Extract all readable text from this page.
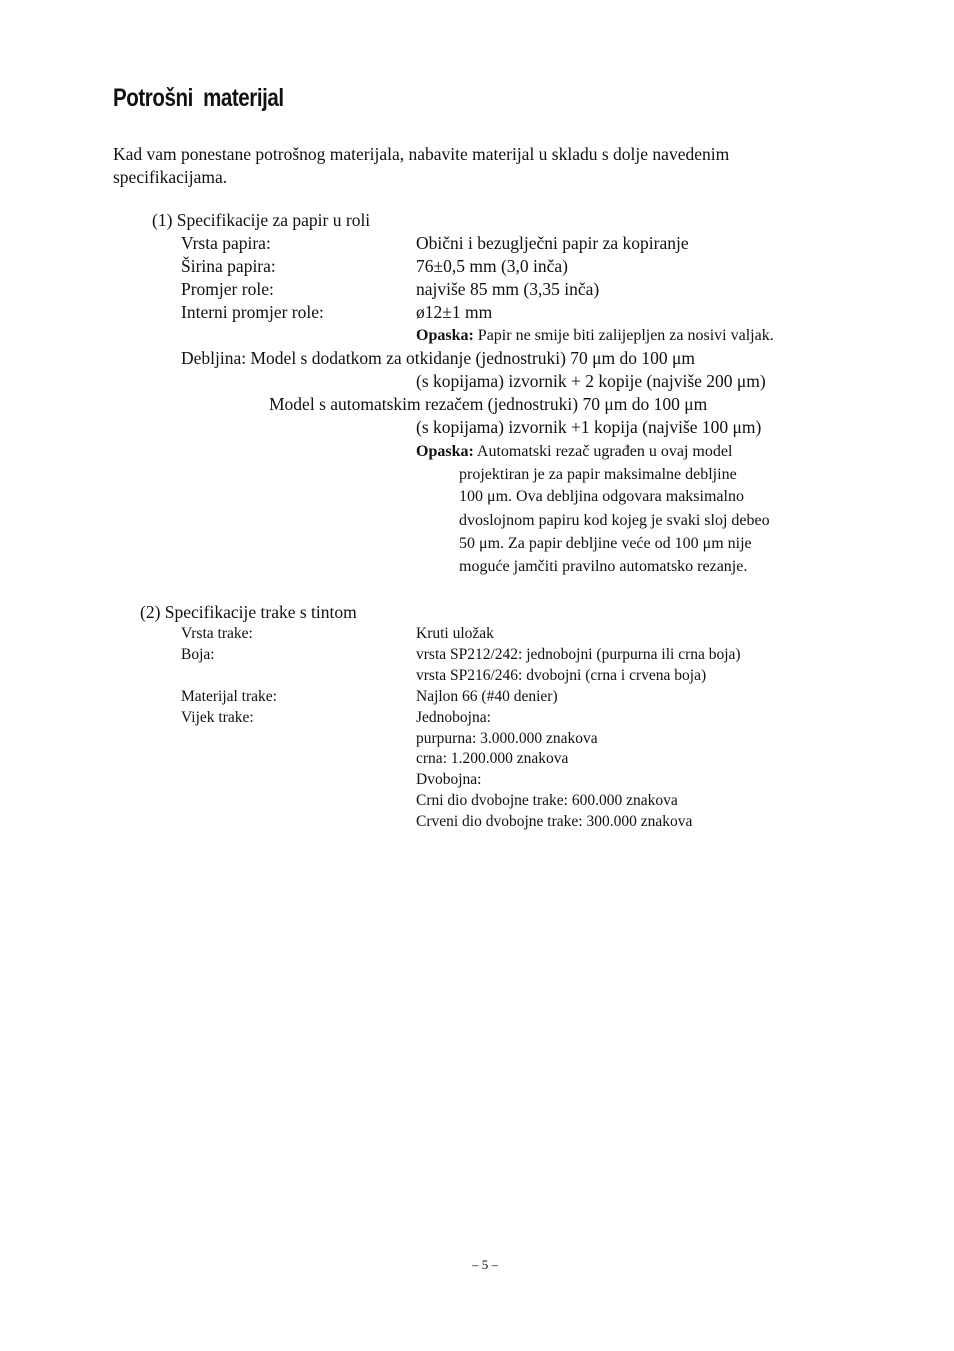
Potrošni materijal
Kad vam ponestane potrošnog materijala, nabavite materijal u skladu s dolje navedenim
specifikacijama.
(1) Specifikacije za papir u roli
Vrsta papira:	Obični i bezuglječni papir za kopiranje
Širina papira:	76±0,5 mm (3,0 inča)
Promjer role:	najviše 85 mm (3,35 inča)
Interni promjer role:	ø12±1 mm
Opaska: Papir ne smije biti zalijepljen za nosivi valjak.
Debljina: Model s dodatkom za otkidanje (jednostruki) 70 μm do 100 μm
(s kopijama) izvornik + 2 kopije (najviše 200 μm)
Model s automatskim rezačem (jednostruki) 70 μm do 100 μm
(s kopijama) izvornik +1 kopija (najviše 100 μm)
Opaska: Automatski rezač ugrađen u ovaj model
projektiran je za papir maksimalne debljine
100 μm. Ova debljina odgovara maksimalno
dvoslojnom papiru kod kojeg je svaki sloj debeo
50 μm. Za papir debljine veće od 100 μm nije
moguće jamčiti pravilno automatsko rezanje.
(2) Specifikacije trake s tintom
Vrsta trake:	Kruti uložak
Boja:	vrsta SP212/242: jednobojni (purpurna ili crna boja)
vrsta SP216/246: dvobojni (crna i crvena boja)
Materijal trake:	Najlon 66 (#40 denier)
Vijek trake:	Jednobojna:
purpurna: 3.000.000 znakova
crna: 1.200.000 znakova
Dvobojna:
Crni dio dvobojne trake: 600.000 znakova
Crveni dio dvobojne trake: 300.000 znakova
– 5 –
